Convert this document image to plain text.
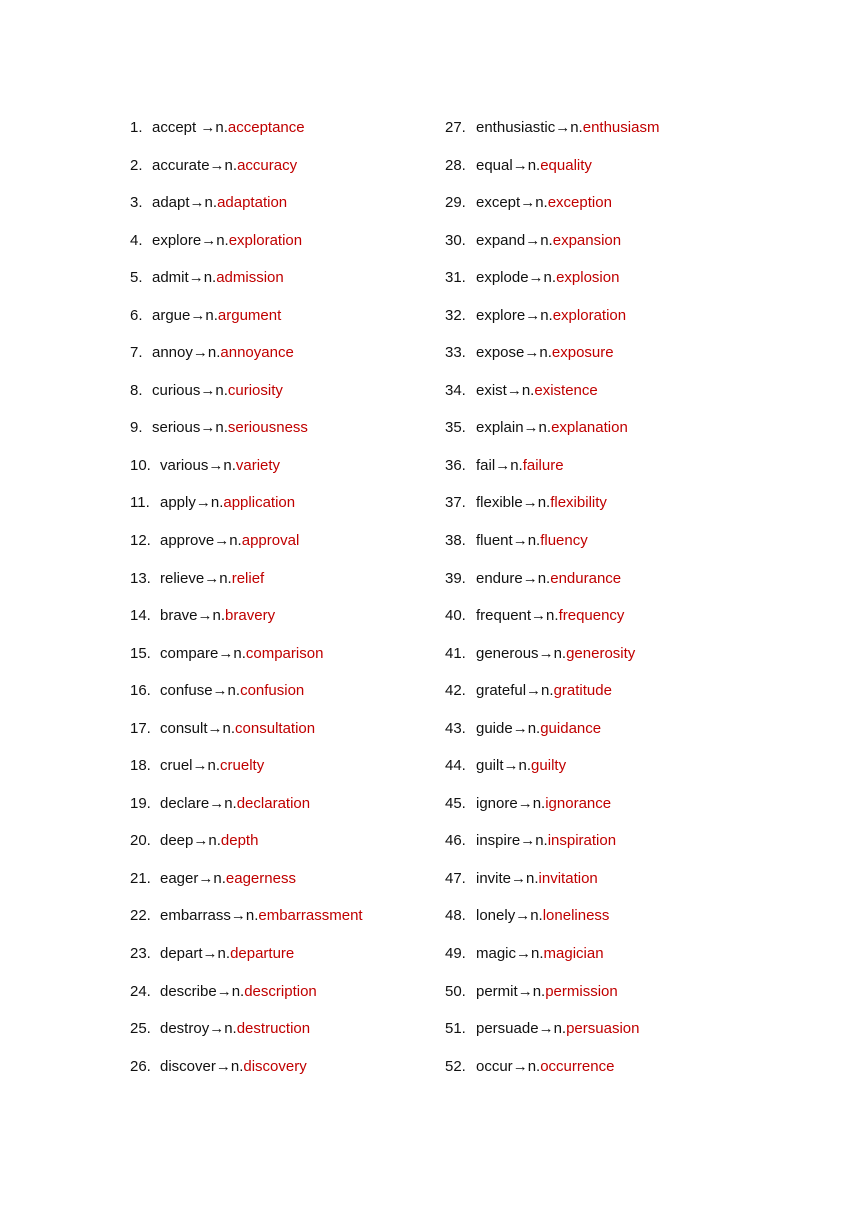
1. accept →n.acceptance
2. accurate→n.accuracy
3. adapt→n.adaptation
4. explore→n.exploration
5. admit→n.admission
6. argue→n.argument
7. annoy→n.annoyance
8. curious→n.curiosity
9. serious→n.seriousness
10. various→n.variety
11. apply→n.application
12. approve→n.approval
13. relieve→n.relief
14. brave→n.bravery
15. compare→n.comparison
16. confuse→n.confusion
17. consult→n.consultation
18. cruel→n.cruelty
19. declare→n.declaration
20. deep→n.depth
21. eager→n.eagerness
22. embarrass→n.embarrassment
23. depart→n.departure
24. describe→n.description
25. destroy→n.destruction
26. discover→n.discovery
27. enthusiastic→n.enthusiasm
28. equal→n.equality
29. except→n.exception
30. expand→n.expansion
31. explode→n.explosion
32. explore→n.exploration
33. expose→n.exposure
34. exist→n.existence
35. explain→n.explanation
36. fail→n.failure
37. flexible→n.flexibility
38. fluent→n.fluency
39. endure→n.endurance
40. frequent→n.frequency
41. generous→n.generosity
42. grateful→n.gratitude
43. guide→n.guidance
44. guilt→n.guilty
45. ignore→n.ignorance
46. inspire→n.inspiration
47. invite→n.invitation
48. lonely→n.loneliness
49. magic→n.magician
50. permit→n.permission
51. persuade→n.persuasion
52. occur→n.occurrence
